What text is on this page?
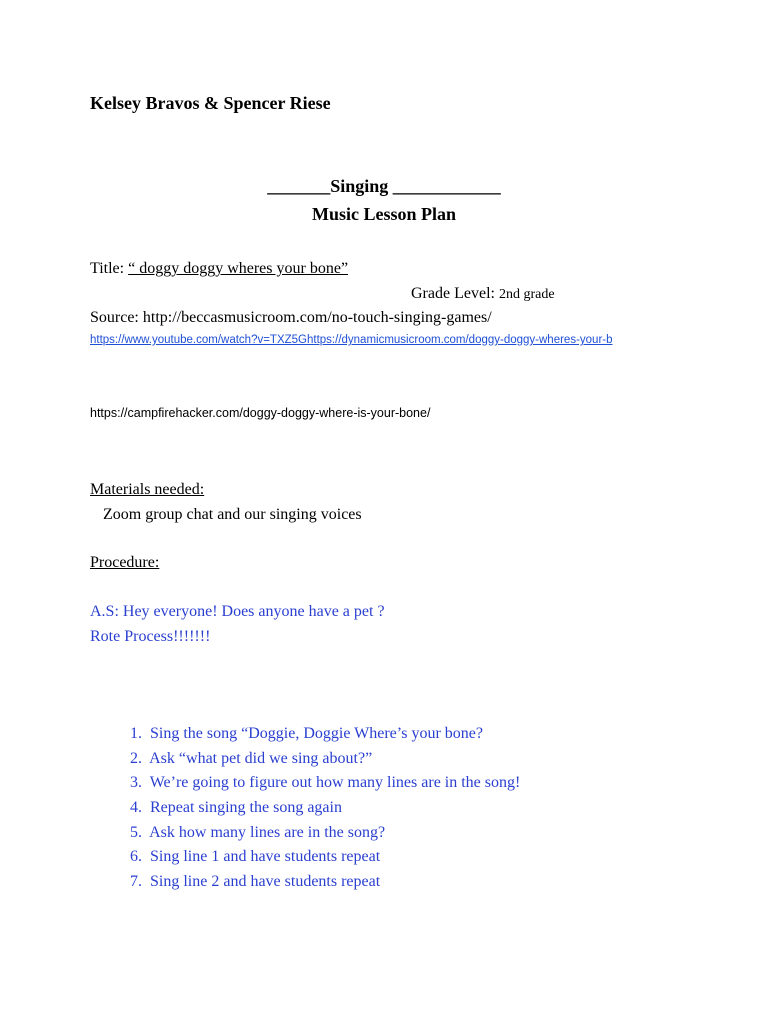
Kelsey Bravos & Spencer Riese
_______Singing ____________
Music Lesson Plan
Title: “ doggy doggy wheres your bone”
Grade Level: 2nd grade
Source: http://beccasmusicroom.com/no-touch-singing-games/
https://www.youtube.com/watch?v=TXZ5Ghttps://dynamicmusicroom.com/doggy-doggy-wheres-your-b
https://campfirehacker.com/doggy-doggy-where-is-your-bone/
Materials needed:
Zoom group chat and our singing voices
Procedure:
A.S: Hey everyone! Does anyone have a pet ?
Rote Process!!!!!!!
1. Sing the song “Doggie, Doggie Where’s your bone?
2. Ask “what pet did we sing about?”
3. We’re going to figure out how many lines are in the song!
4. Repeat singing the song again
5. Ask how many lines are in the song?
6. Sing line 1 and have students repeat
7. Sing line 2 and have students repeat
